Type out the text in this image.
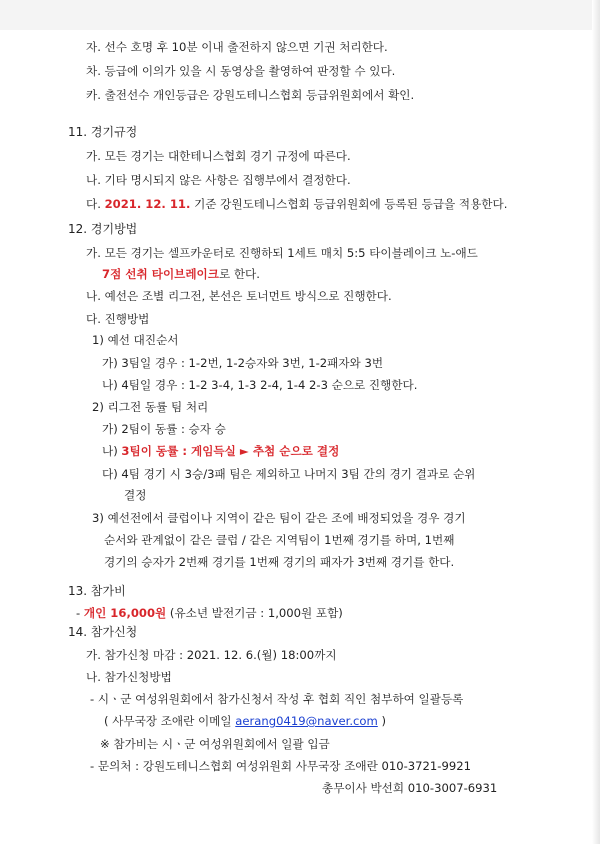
자. 선수 호명 후 10분 이내 출전하지 않으면 기권 처리한다.
차. 등급에 이의가 있을 시 동영상을 촬영하여 판정할 수 있다.
카. 출전선수 개인등급은 강원도테니스협회 등급위원회에서 확인.
11. 경기규정
가. 모든 경기는 대한테니스협회 경기 규정에 따른다.
나. 기타 명시되지 않은 사항은 집행부에서 결정한다.
다. 2021. 12. 11. 기준 강원도테니스협회 등급위원회에 등록된 등급을 적용한다.
12. 경기방법
가. 모든 경기는 셀프카운터로 진행하되 1세트 매치 5:5 타이블레이크 노-애드
7점 선취 타이브레이크로 한다.
나. 예선은 조별 리그전, 본선은 토너먼트 방식으로 진행한다.
다. 진행방법
1) 예선 대진순서
가) 3팀일 경우 : 1-2번, 1-2승자와 3번, 1-2패자와 3번
나) 4팀일 경우 : 1-2 3-4, 1-3 2-4, 1-4 2-3 순으로 진행한다.
2) 리그전 동률 팀 처리
가) 2팀이 동률 : 승자 승
나) 3팀이 동률 : 게임득실 ► 추첨 순으로 결정
다) 4팀 경기 시 3승/3패 팀은 제외하고 나머지 3팀 간의 경기 결과로 순위
결정
3) 예선전에서 클럽이나 지역이 같은 팀이 같은 조에 배정되었을 경우 경기
순서와 관계없이 같은 클럽 / 같은 지역팀이 1번째 경기를 하며, 1번째
경기의 승자가 2번째 경기를 1번째 경기의 패자가 3번째 경기를 한다.
13. 참가비
- 개인 16,000원 (유소년 발전기금 : 1,000원 포함)
14. 참가신청
가. 참가신청 마감 : 2021. 12. 6.(월) 18:00까지
나. 참가신청방법
- 시ㆍ군 여성위원회에서 참가신청서 작성 후 협회 직인 첨부하여 일괄등록
( 사무국장 조애란 이메일 aerang0419@naver.com )
※ 참가비는 시ㆍ군 여성위원회에서 일괄 입금
- 문의처 : 강원도테니스협회 여성위원회 사무국장 조애란 010-3721-9921
총무이사 박선희 010-3007-6931
